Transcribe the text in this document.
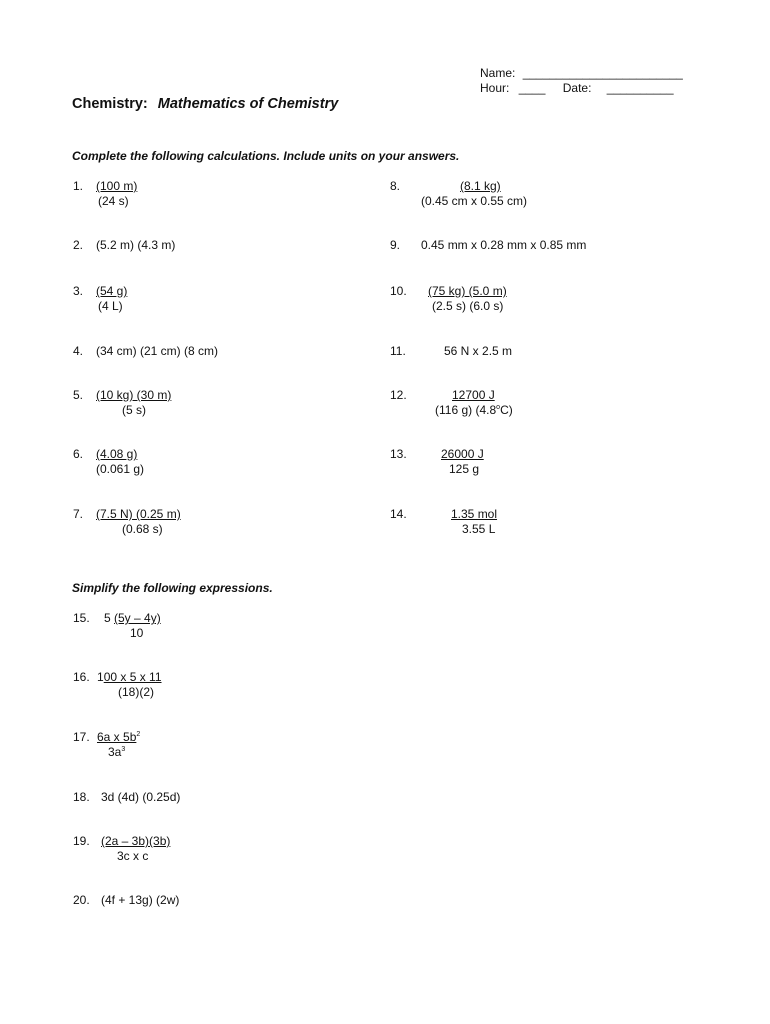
Name: ________________________
Hour: ____ Date: __________
Chemistry: Mathematics of Chemistry
Complete the following calculations. Include units on your answers.
1. (100 m)
(24 s)
2. (5.2 m) (4.3 m)
3. (54 g)
(4 L)
4. (34 cm) (21 cm) (8 cm)
5. (10 kg) (30 m)
(5 s)
6. (4.08 g)
(0.061 g)
7. (7.5 N) (0.25 m)
(0.68 s)
8.	(8.1 kg)
(0.45 cm x 0.55 cm)
9. 0.45 mm x 0.28 mm x 0.85 mm
10. (75 kg) (5.0 m)
(2.5 s) (6.0 s)
11.	56 N x 2.5 m
12.	12700 J
(116 g) (4.8$^o$C)
13.	26000 J
125 g
14.	1.35 mol
3.55 L
Simplify the following expressions.
15. 5 (5y – 4y)
10
16. 100 x 5 x 11
(18)(2)
17. 6a x $5b^2$
$3a^3$
18. 3d (4d) (0.25d)
19. (2a – 3b)(3b)
3c x c
20. (4f + 13g) (2w)
